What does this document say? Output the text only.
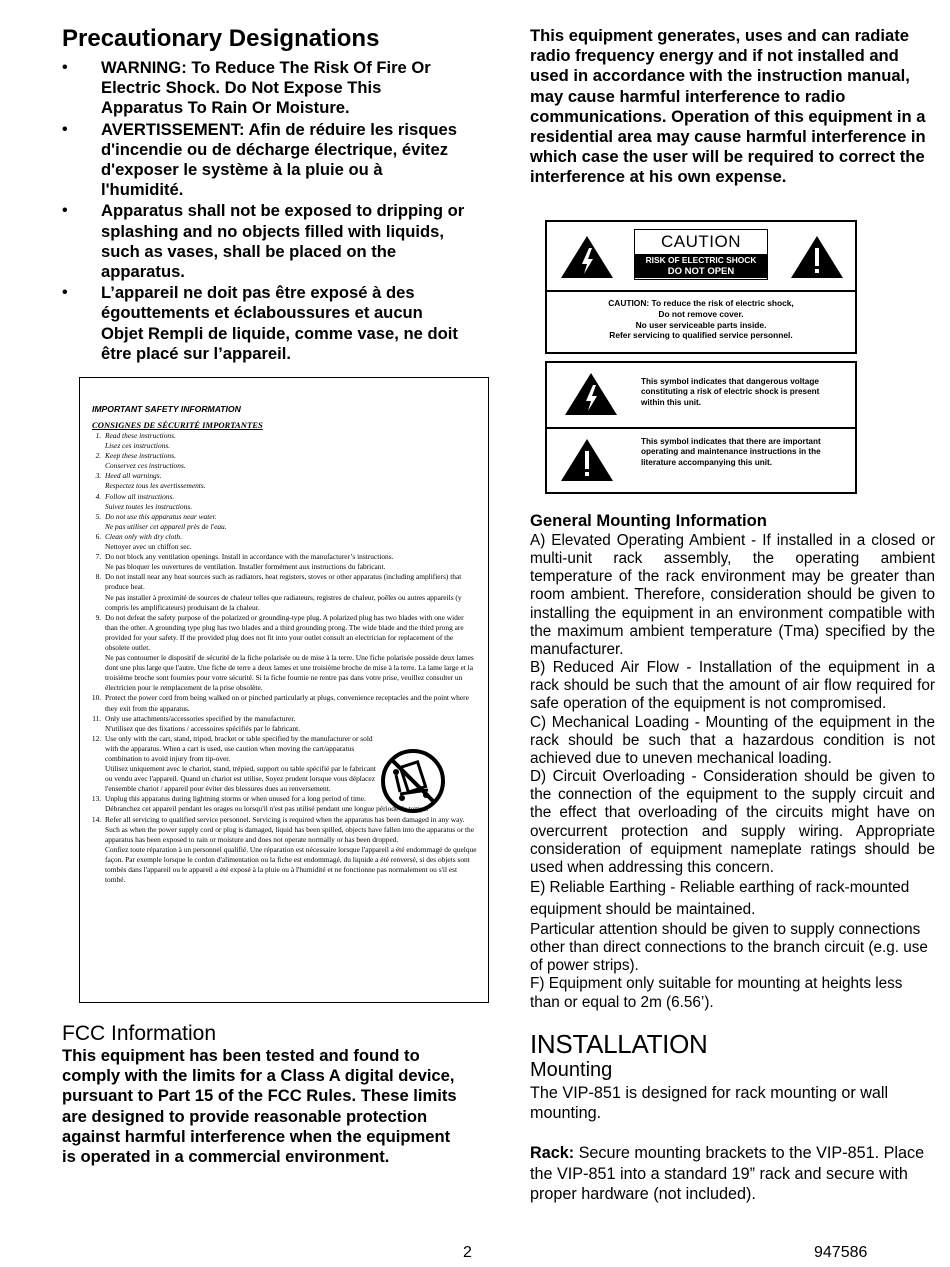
Precautionary Designations
• WARNING: To Reduce The Risk Of Fire Or Electric Shock. Do Not Expose This Apparatus To Rain Or Moisture.
• AVERTISSEMENT: Afin de réduire les risques d'incendie ou de décharge électrique, évitez d'exposer le système à la pluie ou à l'humidité.
• Apparatus shall not be exposed to dripping or splashing and no objects filled with liquids, such as vases, shall be placed on the apparatus.
• L’appareil ne doit pas être exposé à des égouttements et éclaboussures et aucun Objet Rempli de liquide, comme vase, ne doit être placé sur l’appareil.
IMPORTANT SAFETY INFORMATION
CONSIGNES DE SÉCURITÉ IMPORTANTES
1. Read these instructions.
Lisez ces instructions.
2. Keep these instructions.
Conservez ces instructions.
3. Heed all warnings.
Respectez tous les avertissements.
4. Follow all instructions.
Suivez toutes les instructions.
5. Do not use this apparatus near water.
Ne pas utiliser cet appareil près de l'eau.
6. Clean only with dry cloth.
Nettoyer avec un chiffon sec.
7. Do not block any ventilation openings. Install in accordance with the manufacturer’s instructions.
Ne pas bloquer les ouvertures de ventilation. Installer formément aux instructions du fabricant.
8. Do not install near any heat sources such as radiators, heat registers, stoves or other apparatus (including amplifiers) that produce heat.
Ne pas installer à proximité de sources de chaleur telles que radiateurs, registres de chaleur, poêles ou autres appareils (y compris les amplificateurs) produisant de la chaleur.
9. Do not defeat the safety purpose of the polarized or grounding-type plug. A polarized plug has two blades with one wider than the other. A grounding type plug has two blades and a third grounding prong. The wide blade and the third prong are provided for your safety. If the provided plug does not fit into your outlet consult an electrician for replacement of the obsolete outlet.
Ne pas contourner le dispositif de sécurité de la fiche polarisée ou de mise à la terre. Une fiche polarisée possède deux lames dont une plus large que l'autre. Une fiche de terre a deux lames et une troisième broche de mise à la terre. La lame large et la troisième broche sont fournies pour votre sécurité. Si la fiche fournie ne rentre pas dans votre prise, veuillez consulter un électricien pour le remplacement de la prise obsolète.
10. Protect the power cord from being walked on or pinched particularly at plugs, convenience receptacles and the point where they exit from the apparatus.
11. Only use attachments/accessories specified by the manufacturer.
N'utilisez que des fixations / accessoires spécifiés par le fabricant.
12. Use only with the cart, stand, tripod, bracket or table specified by the manufacturer or sold with the apparatus. When a cart is used, use caution when moving the cart/apparatus combination to avoid injury from tip-over.
Utilisez uniquement avec le chariot, stand, trépied, support ou table spécifié par le fabricant ou vendu avec l'appareil. Quand un chariot est utilise, Soyez prudent lorsque vous déplacez l'ensemble chariot / appareil pour éviter des blessures dues au renversement.
13. Unplug this apparatus during lightning storms or when unused for a long period of time.
Débranchez cet appareil pendant les orages ou lorsqu'il n'est pas utilisé pendant une longue période de temps.
14. Refer all servicing to qualified service personnel. Servicing is required when the apparatus has been damaged in any way. Such as when the power supply cord or plug is damaged, liquid has been spilled, objects have fallen into the apparatus or the apparatus has been exposed to rain or moisture and does not operate normally or has been dropped.
Confiez toute réparation à un personnel qualifié. Une réparation est nécessaire lorsque l'appareil a été endommagé de quelque façon. Par exemple lorsque le cordon d'alimentation ou la fiche est endommagé, du liquide a été renversé, si des objets sont tombés dans l'appareil ou le appareil a été exposé à la pluie ou à l'humidité et ne fonctionne pas normalement ou s'il est tombé.
FCC Information

This equipment has been tested and found to comply with the limits for a Class A digital device, pursuant to Part 15 of the FCC Rules. These limits are designed to provide reasonable protection against harmful interference when the equipment is operated in a commercial environment.

This equipment generates, uses and can radiate radio frequency energy and if not installed and used in accordance with the instruction manual, may cause harmful interference to radio communications. Operation of this equipment in a residential area may cause harmful interference in which case the user will be required to correct the interference at his own expense.

CAUTION
RISK OF ELECTRIC SHOCK
DO NOT OPEN
CAUTION: To reduce the risk of electric shock,
Do not remove cover.
No user serviceable parts inside.
Refer servicing to qualified service personnel.
This symbol indicates that dangerous voltage constituting a risk of electric shock is present within this unit.
This symbol indicates that there are important operating and maintenance instructions in the literature accompanying this unit.
General Mounting Information

A) Elevated Operating Ambient - If installed in a closed or multi-unit rack assembly, the operating ambient temperature of the rack environment may be greater than room ambient. Therefore, consideration should be given to installing the equipment in an environment compatible with the maximum ambient temperature (Tma) specified by the manufacturer.

B) Reduced Air Flow - Installation of the equipment in a rack should be such that the amount of air flow required for safe operation of the equipment is not compromised.

C) Mechanical Loading - Mounting of the equipment in the rack should be such that a hazardous condition is not achieved due to uneven mechanical loading.

D) Circuit Overloading - Consideration should be given to the connection of the equipment to the supply circuit and the effect that overloading of the circuits might have on overcurrent protection and supply wiring. Appropriate consideration of equipment nameplate ratings should be used when addressing this concern.

E) Reliable Earthing - Reliable earthing of rack-mounted equipment should be maintained.

Particular attention should be given to supply connections other than direct connections to the branch circuit (e.g. use of power strips).

F) Equipment only suitable for mounting at heights less than or equal to 2m (6.56’).

INSTALLATION
Mounting

The VIP-851 is designed for rack mounting or wall mounting.

Rack: Secure mounting brackets to the VIP-851. Place the VIP-851 into a standard 19” rack and secure with proper hardware (not included).

2	947586
